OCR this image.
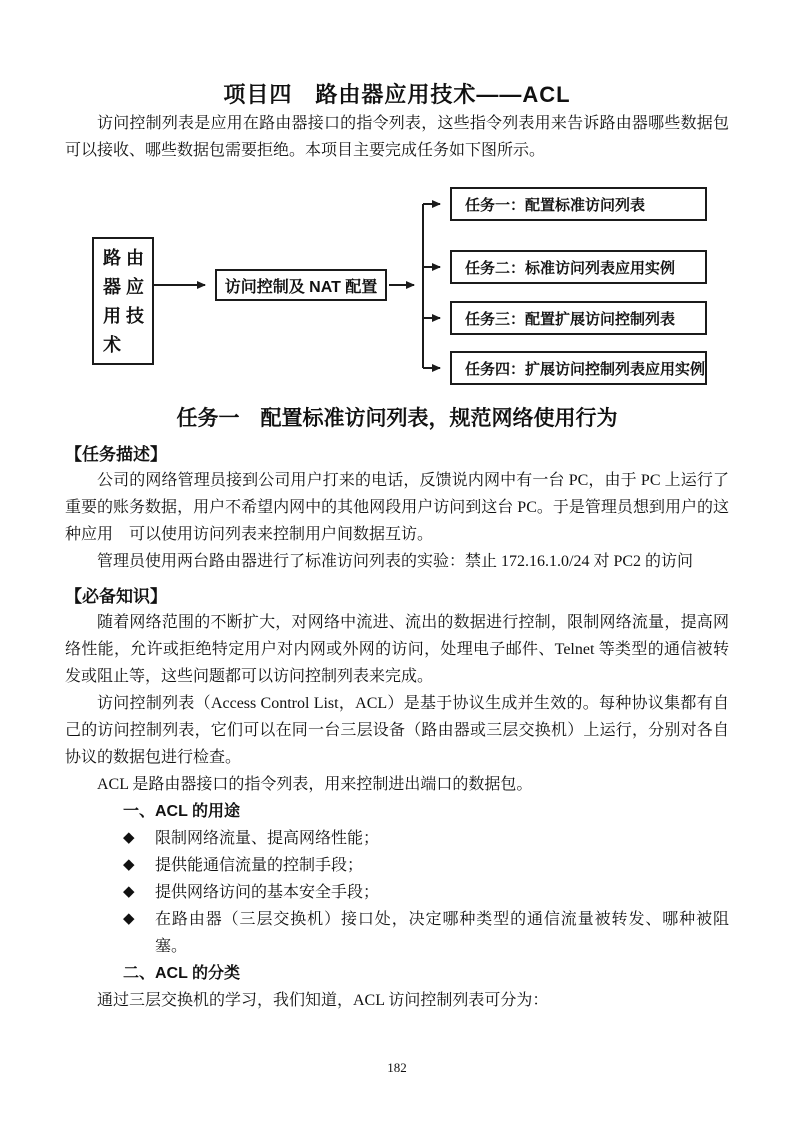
项目四　路由器应用技术——ACL

访问控制列表是应用在路由器接口的指令列表，这些指令列表用来告诉路由器哪些数据包可以接收、哪些数据包需要拒绝。本项目主要完成任务如下图所示。

路 由
器 应
用 技
术
访问控制及 NAT 配置
任务一：配置标准访问列表
任务二：标准访问列表应用实例
任务三：配置扩展访问控制列表
任务四：扩展访问控制列表应用实例
任务一　配置标准访问列表，规范网络使用行为
【任务描述】

公司的网络管理员接到公司用户打来的电话，反馈说内网中有一台 PC，由于 PC 上运行了重要的账务数据，用户不希望内网中的其他网段用户访问到这台 PC。于是管理员想到用户的这种应用　可以使用访问列表来控制用户间数据互访。

管理员使用两台路由器进行了标准访问列表的实验：禁止 172.16.1.0/24 对 PC2 的访问

【必备知识】

随着网络范围的不断扩大，对网络中流进、流出的数据进行控制，限制网络流量，提高网络性能，允许或拒绝特定用户对内网或外网的访问，处理电子邮件、Telnet 等类型的通信被转发或阻止等，这些问题都可以访问控制列表来完成。

访问控制列表（Access Control List，ACL）是基于协议生成并生效的。每种协议集都有自己的访问控制列表，它们可以在同一台三层设备（路由器或三层交换机）上运行，分别对各自协议的数据包进行检查。

ACL 是路由器接口的指令列表，用来控制进出端口的数据包。

一、ACL 的用途
◆	限制网络流量、提高网络性能；
◆	提供能通信流量的控制手段；
◆	提供网络访问的基本安全手段；
◆	在路由器（三层交换机）接口处，决定哪种类型的通信流量被转发、哪种被阻塞。
二、ACL 的分类

通过三层交换机的学习，我们知道，ACL 访问控制列表可分为：

182
